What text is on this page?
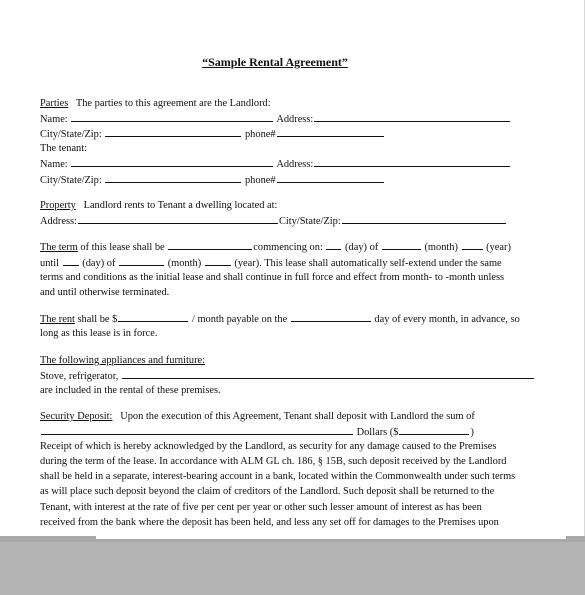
“Sample Rental Agreement”
Parties The parties to this agreement are the Landlord:
Name:	Address:
City/State/Zip:	phone#
The tenant:
Name:	Address:
City/State/Zip:	phone#
Property Landlord rents to Tenant a dwelling located at:
Address:	City/State/Zip:
The term of this lease shall be	commencing on: (day) of	(month)	(year)
until (day) of	(month)	(year). This lease shall automatically self-extend under the same
terms and conditions as the initial lease and shall continue in full force and effect from month- to -month unless
and until otherwise terminated.
The rent shall be $	/ month payable on the	day of every month, in advance, so
long as this lease is in force.
The following appliances and furniture:
Stove, refrigerator,
are included in the rental of these premises.
Security Deposit: Upon the execution of this Agreement, Tenant shall deposit with Landlord the sum of
Dollars ($	)
Receipt of which is hereby acknowledged by the Landlord, as security for any damage caused to the Premises
during the term of the lease. In accordance with ALM GL ch. 186, § 15B, such deposit received by the Landlord
shall be held in a separate, interest-bearing account in a bank, located within the Commonwealth under such terms
as will place such deposit beyond the claim of creditors of the Landlord. Such deposit shall be returned to the
Tenant, with interest at the rate of five per cent per year or other such lesser amount of interest as has been
received from the bank where the deposit has been held, and less any set off for damages to the Premises upon
